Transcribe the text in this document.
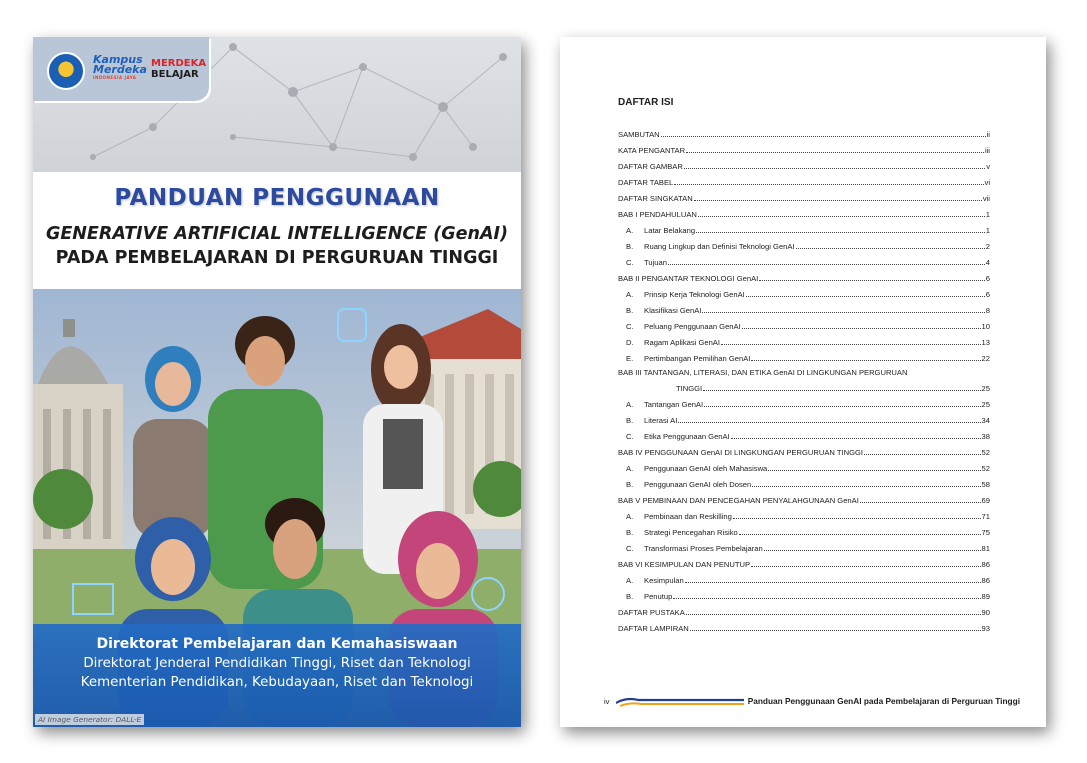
Kampus
Merdeka
INDONESIA JAYA
MERDEKA
BELAJAR
PANDUAN PENGGUNAAN
GENERATIVE ARTIFICIAL INTELLIGENCE (GenAI)
PADA PEMBELAJARAN DI PERGURUAN TINGGI
Direktorat Pembelajaran dan Kemahasiswaan
Direktorat Jenderal Pendidikan Tinggi, Riset dan Teknologi
Kementerian Pendidikan, Kebudayaan, Riset dan Teknologi
AI Image Generator: DALL-E
DAFTAR ISI
SAMBUTAN	ii
KATA PENGANTAR	iii
DAFTAR GAMBAR	v
DAFTAR TABEL	vi
DAFTAR SINGKATAN	vii
BAB I PENDAHULUAN	1
A.	Latar Belakang	1
B.	Ruang Lingkup dan Definisi Teknologi GenAI	2
C.	Tujuan	4
BAB II PENGANTAR TEKNOLOGI GenAI	6
A.	Prinsip Kerja Teknologi GenAI	6
B.	Klasifikasi GenAI	8
C.	Peluang Penggunaan GenAI	10
D.	Ragam Aplikasi GenAI	13
E.	Pertimbangan Pemilihan GenAI	22
BAB III TANTANGAN, LITERASI, DAN ETIKA GenAI DI LINGKUNGAN PERGURUAN
TINGGI	25
A.	Tantangan GenAI	25
B.	Literasi AI	34
C.	Etika Penggunaan GenAI	38
BAB IV PENGGUNAAN GenAI DI LINGKUNGAN PERGURUAN TINGGI	52
A.	Penggunaan GenAI oleh Mahasiswa	52
B.	Penggunaan GenAI oleh Dosen	58
BAB V PEMBINAAN DAN PENCEGAHAN PENYALAHGUNAAN GenAI	69
A.	Pembinaan dan Reskilling	71
B.	Strategi Pencegahan Risiko	75
C.	Transformasi Proses Pembelajaran	81
BAB VI KESIMPULAN DAN PENUTUP	86
A.	Kesimpulan	86
B.	Penutup	89
DAFTAR PUSTAKA	90
DAFTAR LAMPIRAN	93
iv	Panduan Penggunaan GenAI pada Pembelajaran di Perguruan Tinggi
